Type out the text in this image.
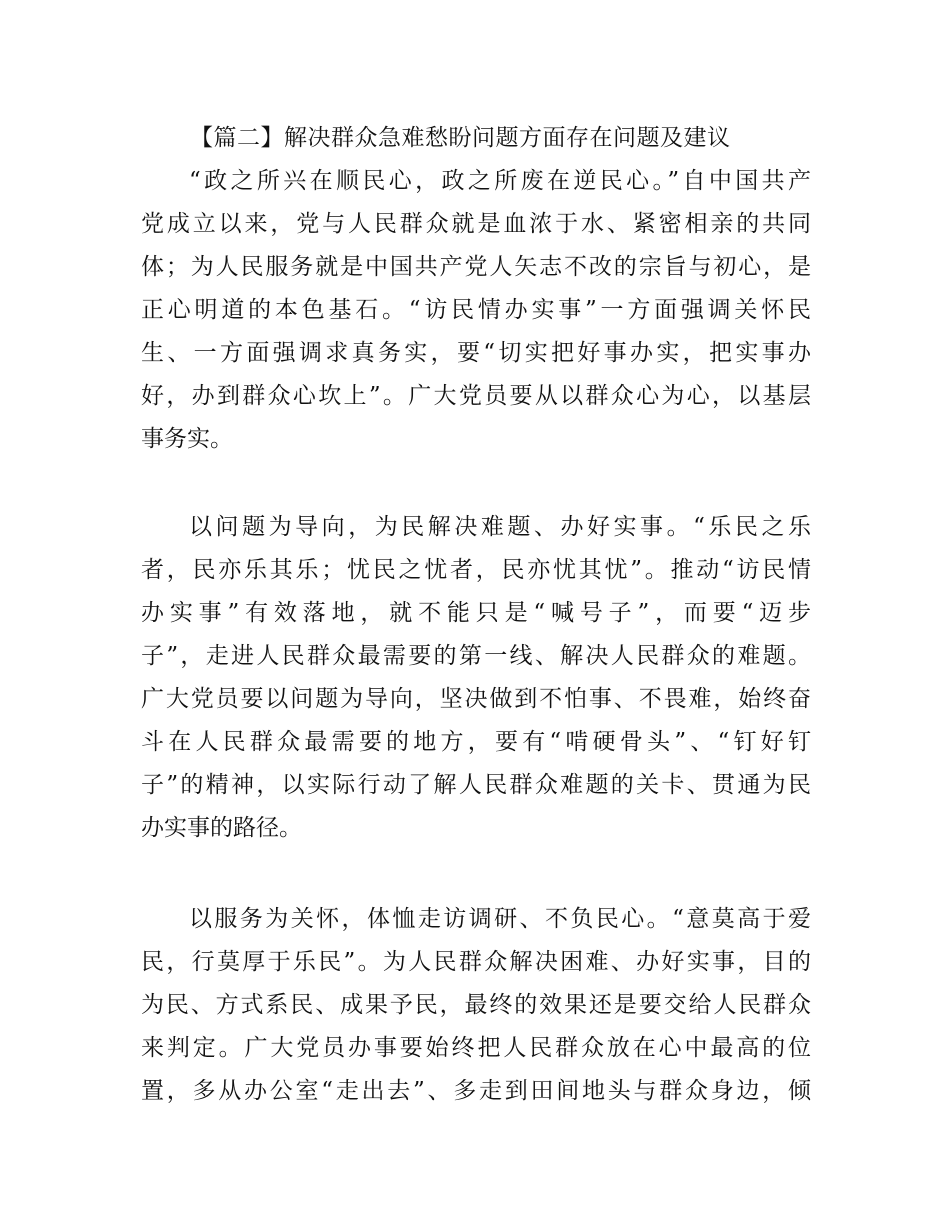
【篇二】解决群众急难愁盼问题方面存在问题及建议
“政之所兴在顺民心，政之所废在逆民心。”自中国共产
党成立以来，党与人民群众就是血浓于水、紧密相亲的共同
体；为人民服务就是中国共产党人矢志不改的宗旨与初心，是
正心明道的本色基石。“访民情办实事”一方面强调关怀民
生、一方面强调求真务实，要“切实把好事办实，把实事办
好，办到群众心坎上”。广大党员要从以群众心为心，以基层
事务实。
以问题为导向，为民解决难题、办好实事。“乐民之乐
者，民亦乐其乐；忧民之忧者，民亦忧其忧”。推动“访民情
办实事”有效落地，就不能只是“喊号子”，而要“迈步
子”，走进人民群众最需要的第一线、解决人民群众的难题。
广大党员要以问题为导向，坚决做到不怕事、不畏难，始终奋
斗在人民群众最需要的地方，要有“啃硬骨头”、“钉好钉
子”的精神，以实际行动了解人民群众难题的关卡、贯通为民
办实事的路径。
以服务为关怀，体恤走访调研、不负民心。“意莫高于爱
民，行莫厚于乐民”。为人民群众解决困难、办好实事，目的
为民、方式系民、成果予民，最终的效果还是要交给人民群众
来判定。广大党员办事要始终把人民群众放在心中最高的位
置，多从办公室“走出去”、多走到田间地头与群众身边，倾
